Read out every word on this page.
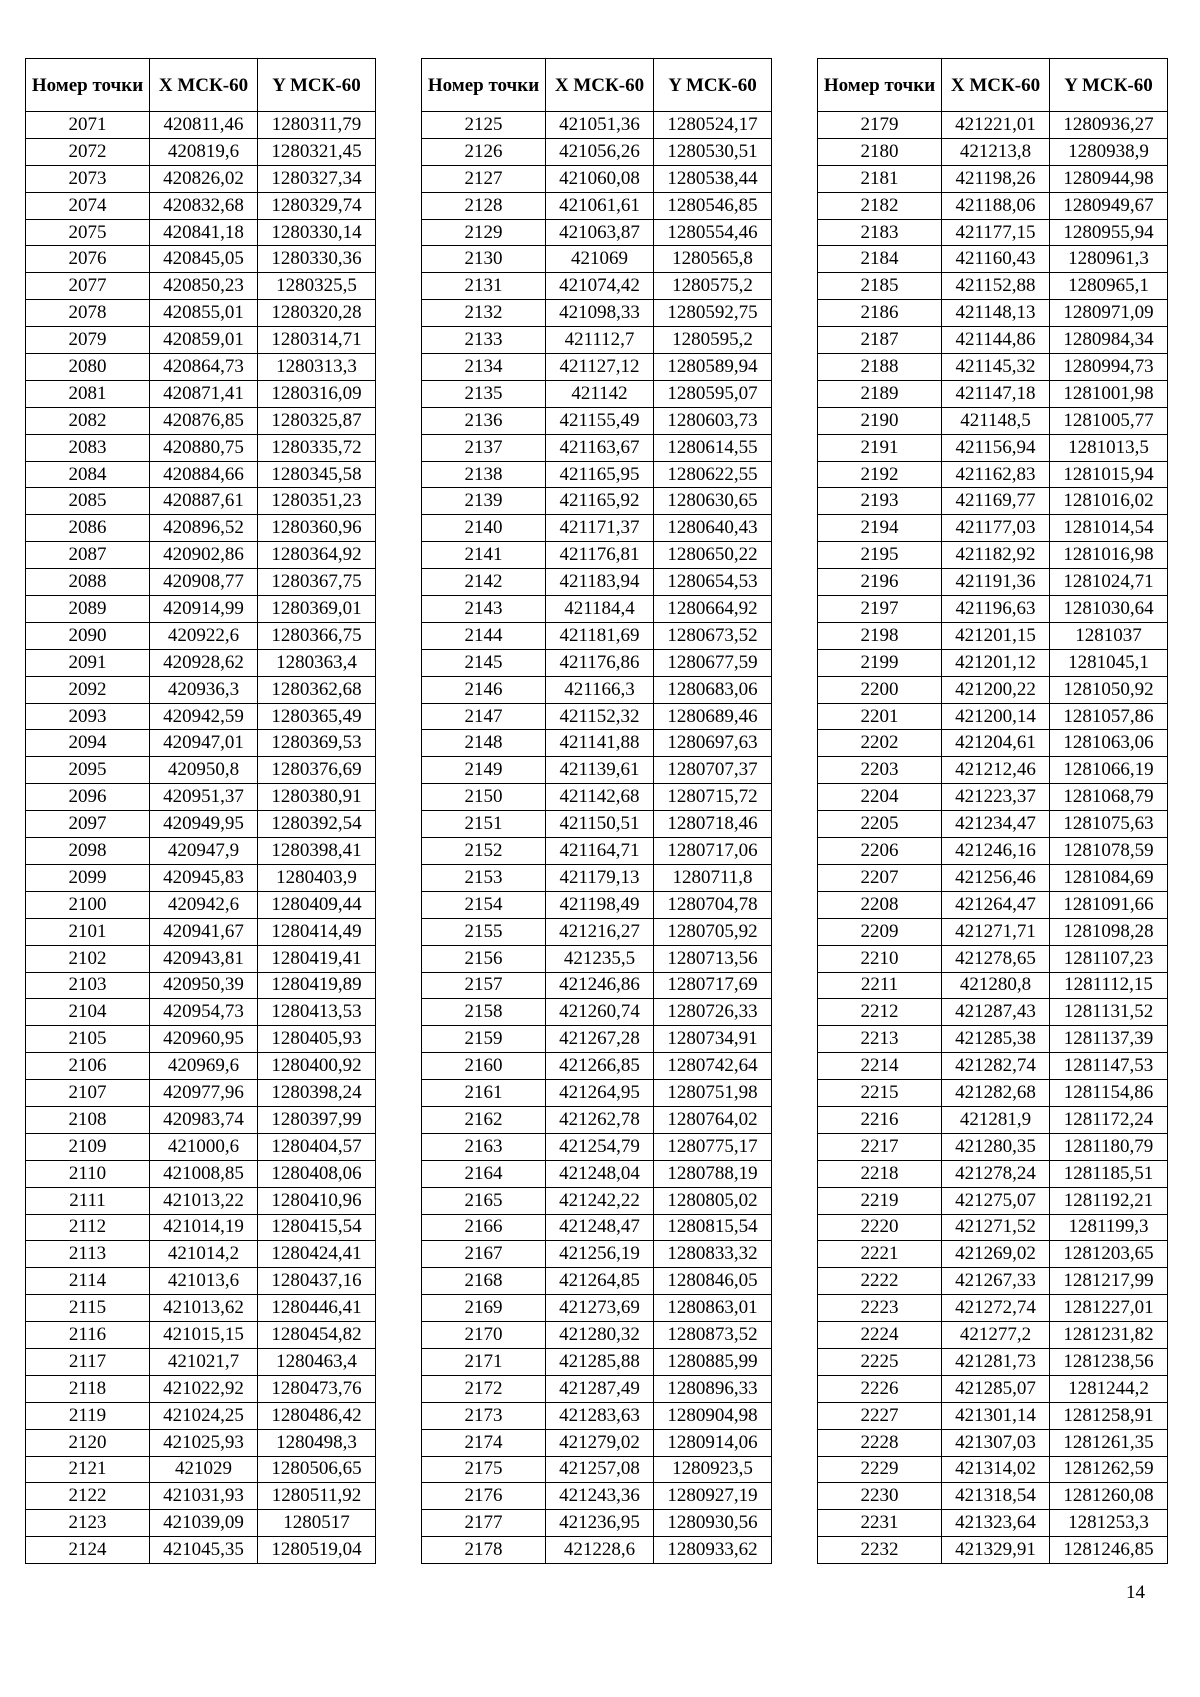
Номер точки	X МСК-60	Y МСК-60
2071	420811,46	1280311,79
2072	420819,6	1280321,45
2073	420826,02	1280327,34
2074	420832,68	1280329,74
2075	420841,18	1280330,14
2076	420845,05	1280330,36
2077	420850,23	1280325,5
2078	420855,01	1280320,28
2079	420859,01	1280314,71
2080	420864,73	1280313,3
2081	420871,41	1280316,09
2082	420876,85	1280325,87
2083	420880,75	1280335,72
2084	420884,66	1280345,58
2085	420887,61	1280351,23
2086	420896,52	1280360,96
2087	420902,86	1280364,92
2088	420908,77	1280367,75
2089	420914,99	1280369,01
2090	420922,6	1280366,75
2091	420928,62	1280363,4
2092	420936,3	1280362,68
2093	420942,59	1280365,49
2094	420947,01	1280369,53
2095	420950,8	1280376,69
2096	420951,37	1280380,91
2097	420949,95	1280392,54
2098	420947,9	1280398,41
2099	420945,83	1280403,9
2100	420942,6	1280409,44
2101	420941,67	1280414,49
2102	420943,81	1280419,41
2103	420950,39	1280419,89
2104	420954,73	1280413,53
2105	420960,95	1280405,93
2106	420969,6	1280400,92
2107	420977,96	1280398,24
2108	420983,74	1280397,99
2109	421000,6	1280404,57
2110	421008,85	1280408,06
2111	421013,22	1280410,96
2112	421014,19	1280415,54
2113	421014,2	1280424,41
2114	421013,6	1280437,16
2115	421013,62	1280446,41
2116	421015,15	1280454,82
2117	421021,7	1280463,4
2118	421022,92	1280473,76
2119	421024,25	1280486,42
2120	421025,93	1280498,3
2121	421029	1280506,65
2122	421031,93	1280511,92
2123	421039,09	1280517
2124	421045,35	1280519,04
Номер точки	X МСК-60	Y МСК-60
2125	421051,36	1280524,17
2126	421056,26	1280530,51
2127	421060,08	1280538,44
2128	421061,61	1280546,85
2129	421063,87	1280554,46
2130	421069	1280565,8
2131	421074,42	1280575,2
2132	421098,33	1280592,75
2133	421112,7	1280595,2
2134	421127,12	1280589,94
2135	421142	1280595,07
2136	421155,49	1280603,73
2137	421163,67	1280614,55
2138	421165,95	1280622,55
2139	421165,92	1280630,65
2140	421171,37	1280640,43
2141	421176,81	1280650,22
2142	421183,94	1280654,53
2143	421184,4	1280664,92
2144	421181,69	1280673,52
2145	421176,86	1280677,59
2146	421166,3	1280683,06
2147	421152,32	1280689,46
2148	421141,88	1280697,63
2149	421139,61	1280707,37
2150	421142,68	1280715,72
2151	421150,51	1280718,46
2152	421164,71	1280717,06
2153	421179,13	1280711,8
2154	421198,49	1280704,78
2155	421216,27	1280705,92
2156	421235,5	1280713,56
2157	421246,86	1280717,69
2158	421260,74	1280726,33
2159	421267,28	1280734,91
2160	421266,85	1280742,64
2161	421264,95	1280751,98
2162	421262,78	1280764,02
2163	421254,79	1280775,17
2164	421248,04	1280788,19
2165	421242,22	1280805,02
2166	421248,47	1280815,54
2167	421256,19	1280833,32
2168	421264,85	1280846,05
2169	421273,69	1280863,01
2170	421280,32	1280873,52
2171	421285,88	1280885,99
2172	421287,49	1280896,33
2173	421283,63	1280904,98
2174	421279,02	1280914,06
2175	421257,08	1280923,5
2176	421243,36	1280927,19
2177	421236,95	1280930,56
2178	421228,6	1280933,62
Номер точки	X МСК-60	Y МСК-60
2179	421221,01	1280936,27
2180	421213,8	1280938,9
2181	421198,26	1280944,98
2182	421188,06	1280949,67
2183	421177,15	1280955,94
2184	421160,43	1280961,3
2185	421152,88	1280965,1
2186	421148,13	1280971,09
2187	421144,86	1280984,34
2188	421145,32	1280994,73
2189	421147,18	1281001,98
2190	421148,5	1281005,77
2191	421156,94	1281013,5
2192	421162,83	1281015,94
2193	421169,77	1281016,02
2194	421177,03	1281014,54
2195	421182,92	1281016,98
2196	421191,36	1281024,71
2197	421196,63	1281030,64
2198	421201,15	1281037
2199	421201,12	1281045,1
2200	421200,22	1281050,92
2201	421200,14	1281057,86
2202	421204,61	1281063,06
2203	421212,46	1281066,19
2204	421223,37	1281068,79
2205	421234,47	1281075,63
2206	421246,16	1281078,59
2207	421256,46	1281084,69
2208	421264,47	1281091,66
2209	421271,71	1281098,28
2210	421278,65	1281107,23
2211	421280,8	1281112,15
2212	421287,43	1281131,52
2213	421285,38	1281137,39
2214	421282,74	1281147,53
2215	421282,68	1281154,86
2216	421281,9	1281172,24
2217	421280,35	1281180,79
2218	421278,24	1281185,51
2219	421275,07	1281192,21
2220	421271,52	1281199,3
2221	421269,02	1281203,65
2222	421267,33	1281217,99
2223	421272,74	1281227,01
2224	421277,2	1281231,82
2225	421281,73	1281238,56
2226	421285,07	1281244,2
2227	421301,14	1281258,91
2228	421307,03	1281261,35
2229	421314,02	1281262,59
2230	421318,54	1281260,08
2231	421323,64	1281253,3
2232	421329,91	1281246,85
14
